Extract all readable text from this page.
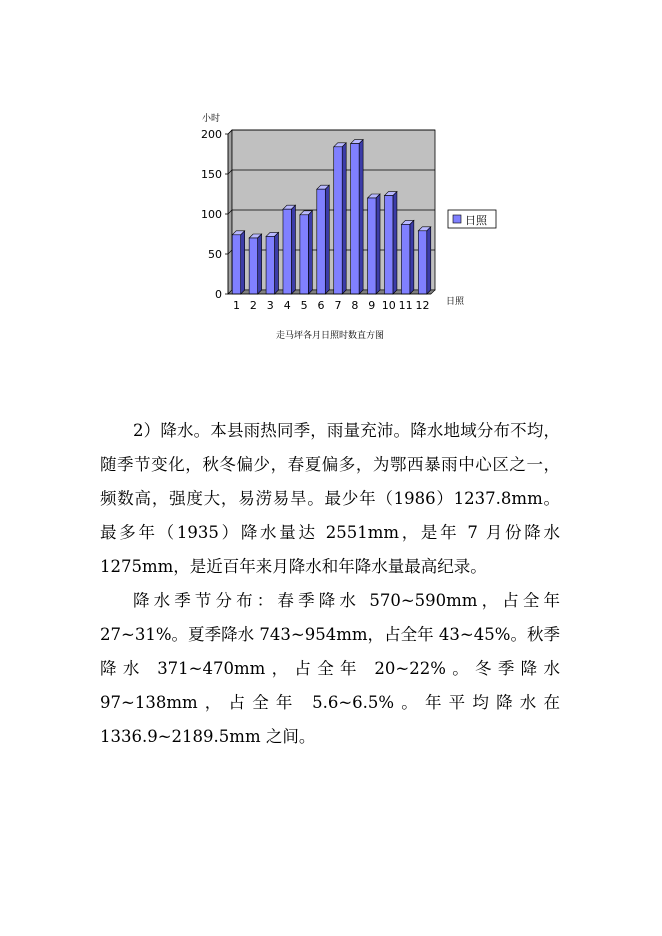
小时
0
50
100
150
200
1 2 3 4 5 6 7 8 9 10 11 12
日照
日照
走马坪各月日照时数直方图

2）降水。本县雨热同季，雨量充沛。降水地域分布不均，随季节变化，秋冬偏少，春夏偏多，为鄂西暴雨中心区之一，频数高，强度大，易涝易旱。最少年（1986）1237.8mm。最多年（1935）降水量达 2551mm，是年 7 月份降水 1275mm，是近百年来月降水和年降水量最高纪录。

降水季节分布：春季降水 570~590mm，占全年 27~31%。夏季降水 743~954mm，占全年 43~45%。秋季降水 371~470mm，占全年 20~22%。冬季降水 97~138mm，占全年 5.6~6.5%。年平均降水在 1336.9~2189.5mm 之间。
